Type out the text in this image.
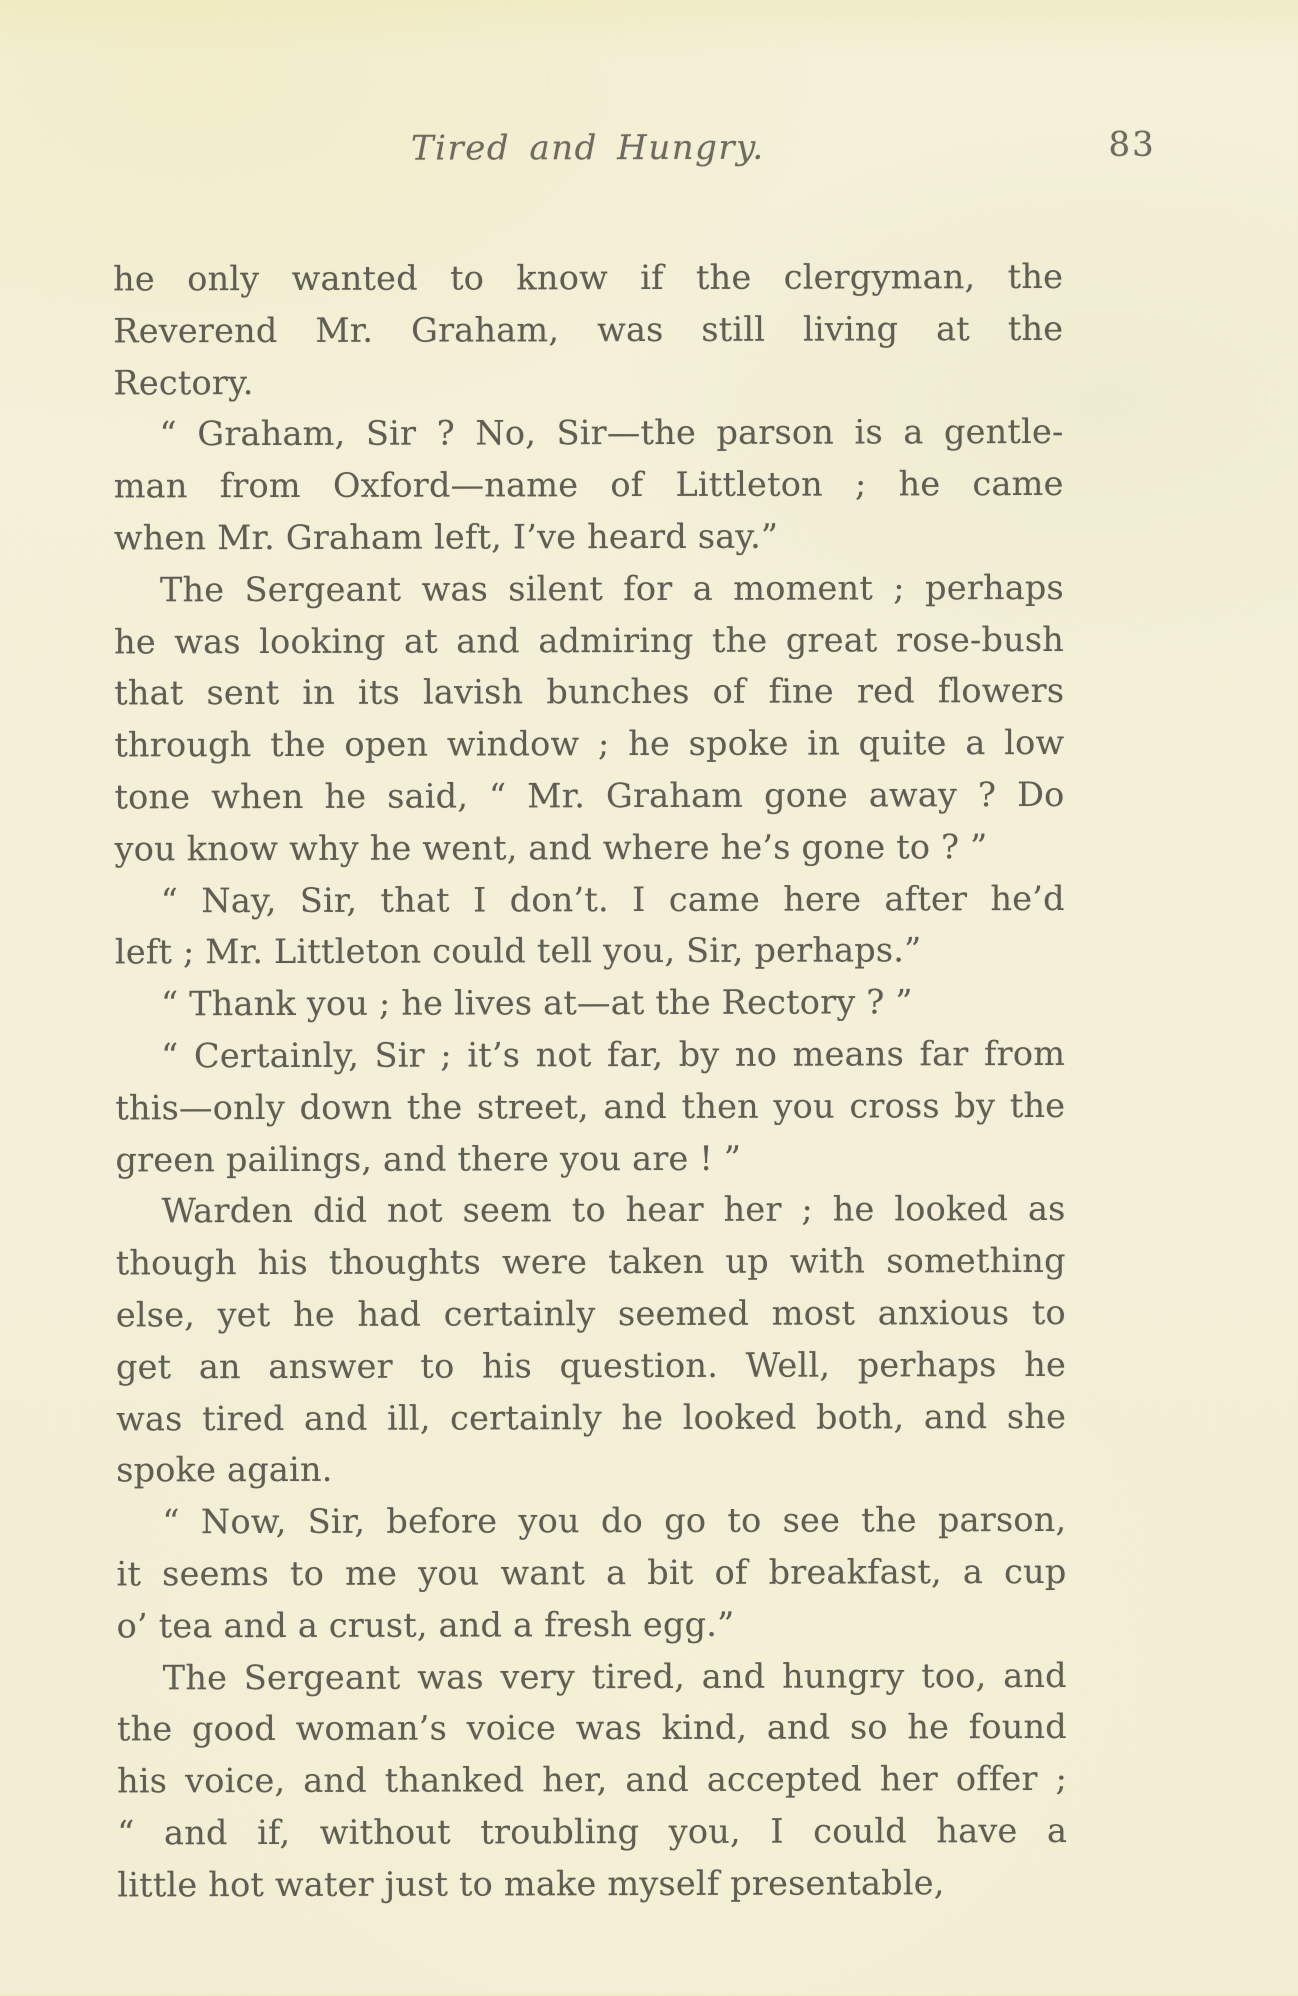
Tired and Hungry.	83

he only wanted to know if the clergyman, the
Reverend Mr. Graham, was still living at the
Rectory.

“ Graham, Sir ? No, Sir—the parson is a gentle-
man from Oxford—name of Littleton ; he came
when Mr. Graham left, I’ve heard say.”

The Sergeant was silent for a moment ; perhaps
he was looking at and admiring the great rose-bush
that sent in its lavish bunches of fine red flowers
through the open window ; he spoke in quite a low
tone when he said, “ Mr. Graham gone away ? Do
you know why he went, and where he’s gone to ? ”

“ Nay, Sir, that I don’t. I came here after he’d
left ; Mr. Littleton could tell you, Sir, perhaps.”

“ Thank you ; he lives at—at the Rectory ? ”

“ Certainly, Sir ; it’s not far, by no means far from
this—only down the street, and then you cross by the
green pailings, and there you are ! ”

Warden did not seem to hear her ; he looked as
though his thoughts were taken up with something
else, yet he had certainly seemed most anxious to
get an answer to his question. Well, perhaps he
was tired and ill, certainly he looked both, and she
spoke again.

“ Now, Sir, before you do go to see the parson,
it seems to me you want a bit of breakfast, a cup
o’ tea and a crust, and a fresh egg.”

The Sergeant was very tired, and hungry too, and
the good woman’s voice was kind, and so he found
his voice, and thanked her, and accepted her offer ;
“ and if, without troubling you, I could have a
little hot water just to make myself presentable,
